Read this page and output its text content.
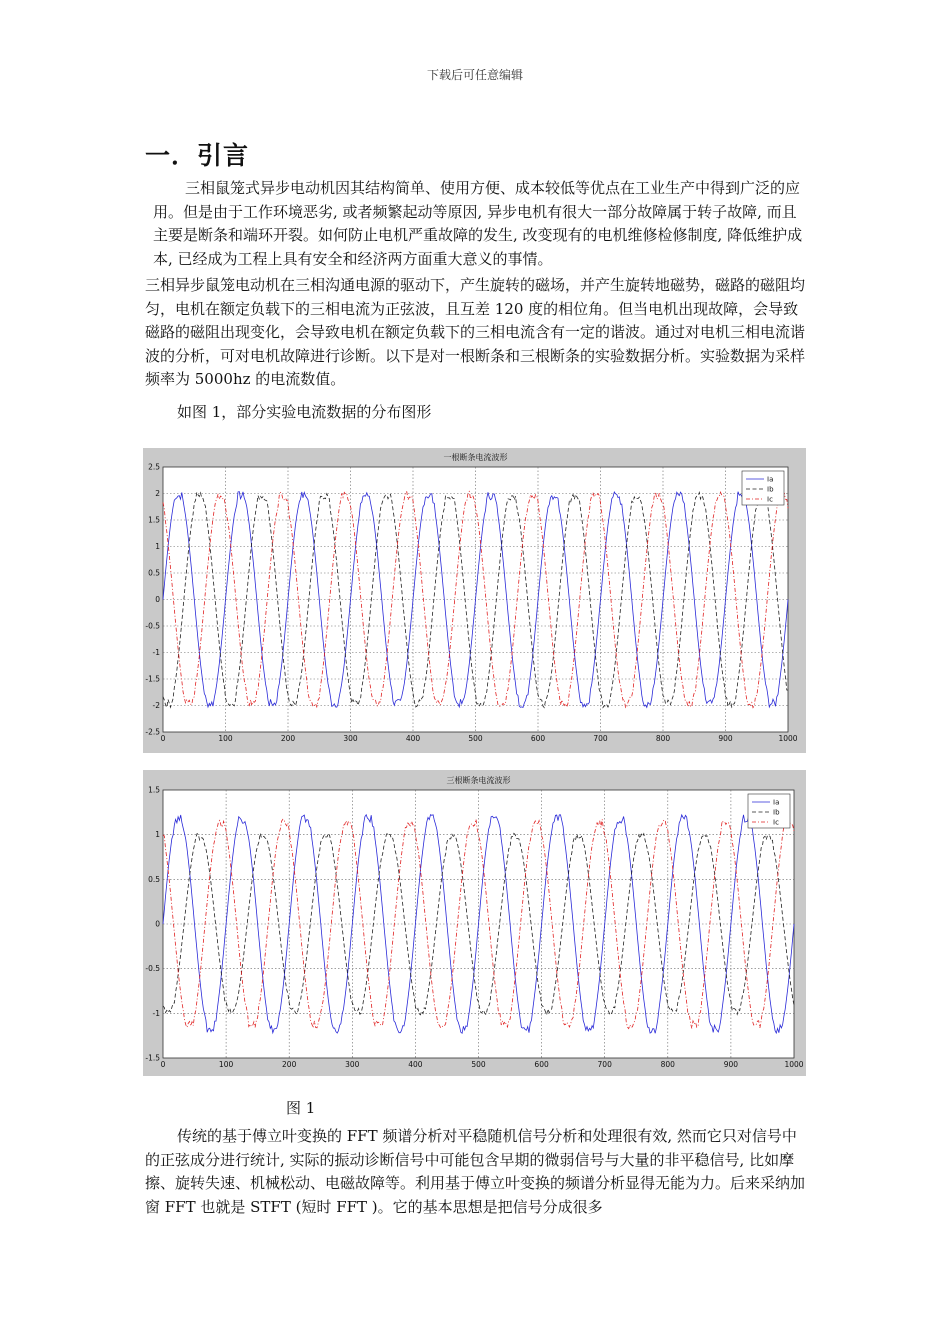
下载后可任意编辑
一．引言
三相鼠笼式异步电动机因其结构简单、使用方便、成本较低等优点在工业生产中得到广泛的应用。但是由于工作环境恶劣, 或者频繁起动等原因, 异步电机有很大一部分故障属于转子故障, 而且主要是断条和端环开裂。如何防止电机严重故障的发生, 改变现有的电机维修检修制度, 降低维护成本, 已经成为工程上具有安全和经济两方面重大意义的事情。
三相异步鼠笼电动机在三相沟通电源的驱动下，产生旋转的磁场，并产生旋转地磁势，磁路的磁阻均匀，电机在额定负载下的三相电流为正弦波，且互差 120 度的相位角。但当电机出现故障，会导致磁路的磁阻出现变化，会导致电机在额定负载下的三相电流含有一定的谐波。通过对电机三相电流谐波的分析，可对电机故障进行诊断。以下是对一根断条和三根断条的实验数据分析。实验数据为采样频率为 5000hz 的电流数值。
如图 1，部分实验电流数据的分布图形
一根断条电流波形
0	100	200	300	400	500	600	700	800	900	1000
-2.5
-2
-1.5
-1
-0.5
0
0.5
1
1.5
2
2.5
Ia
Ib
Ic
三根断条电流波形
0	100	200	300	400	500	600	700	800	900	1000
-1.5
-1
-0.5
0
0.5
1
1.5
Ia
Ib
Ic
图 1
传统的基于傅立叶变换的 FFT 频谱分析对平稳随机信号分析和处理很有效, 然而它只对信号中的正弦成分进行统计, 实际的振动诊断信号中可能包含早期的微弱信号与大量的非平稳信号, 比如摩擦、旋转失速、机械松动、电磁故障等。利用基于傅立叶变换的频谱分析显得无能为力。后来采纳加窗 FFT 也就是 STFT (短时 FFT )。它的基本思想是把信号分成很多
